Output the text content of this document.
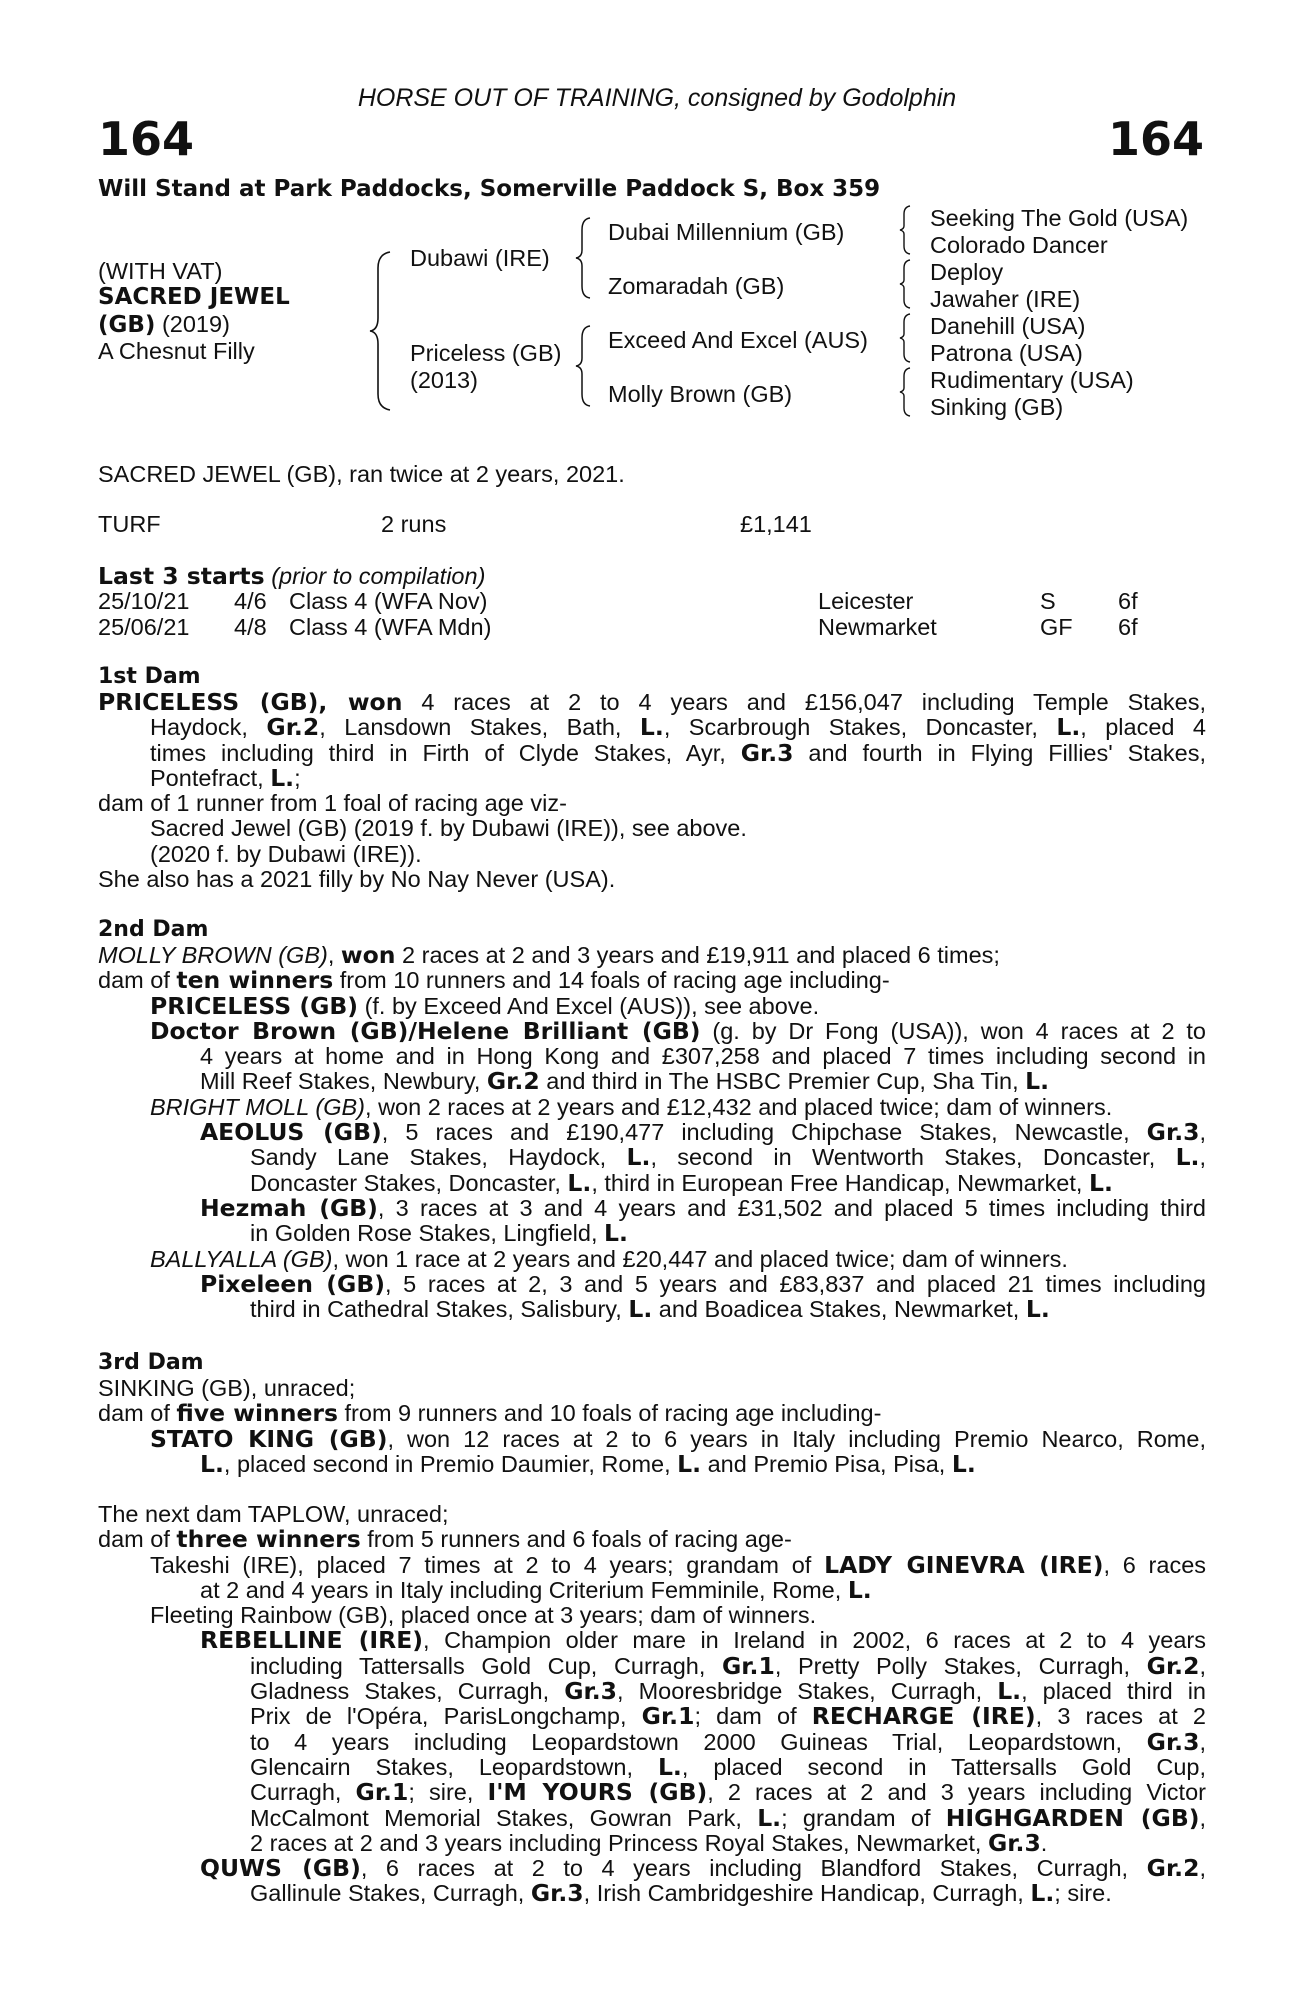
HORSE OUT OF TRAINING, consigned by Godolphin
164	164
Will Stand at Park Paddocks, Somerville Paddock S, Box 359
(WITH VAT)
SACRED JEWEL
(GB) (2019)
A Chesnut Filly
Dubawi (IRE)
Priceless (GB)
(2013)
Dubai Millennium (GB)
Zomaradah (GB)
Exceed And Excel (AUS)
Molly Brown (GB)
Seeking The Gold (USA)
Colorado Dancer
Deploy
Jawaher (IRE)
Danehill (USA)
Patrona (USA)
Rudimentary (USA)
Sinking (GB)
SACRED JEWEL (GB), ran twice at 2 years, 2021.
TURF	2 runs	£1,141
Last 3 starts (prior to compilation)
25/10/21 4/6 Class 4 (WFA Nov)	Leicester	S	6f
25/06/21 4/8 Class 4 (WFA Mdn)	Newmarket	GF 6f
1st Dam
PRICELESS (GB), won 4 races at 2 to 4 years and £156,047 including Temple Stakes,
Haydock, Gr.2, Lansdown Stakes, Bath, L., Scarbrough Stakes, Doncaster, L., placed 4
times including third in Firth of Clyde Stakes, Ayr, Gr.3 and fourth in Flying Fillies' Stakes,
Pontefract, L.;
dam of 1 runner from 1 foal of racing age viz-
Sacred Jewel (GB) (2019 f. by Dubawi (IRE)), see above.
(2020 f. by Dubawi (IRE)).
She also has a 2021 filly by No Nay Never (USA).
2nd Dam
MOLLY BROWN (GB), won 2 races at 2 and 3 years and £19,911 and placed 6 times;
dam of ten winners from 10 runners and 14 foals of racing age including-
PRICELESS (GB) (f. by Exceed And Excel (AUS)), see above.
Doctor Brown (GB)/Helene Brilliant (GB) (g. by Dr Fong (USA)), won 4 races at 2 to
4 years at home and in Hong Kong and £307,258 and placed 7 times including second in
Mill Reef Stakes, Newbury, Gr.2 and third in The HSBC Premier Cup, Sha Tin, L.
BRIGHT MOLL (GB), won 2 races at 2 years and £12,432 and placed twice; dam of winners.
AEOLUS (GB), 5 races and £190,477 including Chipchase Stakes, Newcastle, Gr.3,
Sandy Lane Stakes, Haydock, L., second in Wentworth Stakes, Doncaster, L.,
Doncaster Stakes, Doncaster, L., third in European Free Handicap, Newmarket, L.
Hezmah (GB), 3 races at 3 and 4 years and £31,502 and placed 5 times including third
in Golden Rose Stakes, Lingfield, L.
BALLYALLA (GB), won 1 race at 2 years and £20,447 and placed twice; dam of winners.
Pixeleen (GB), 5 races at 2, 3 and 5 years and £83,837 and placed 21 times including
third in Cathedral Stakes, Salisbury, L. and Boadicea Stakes, Newmarket, L.
3rd Dam
SINKING (GB), unraced;
dam of five winners from 9 runners and 10 foals of racing age including-
STATO KING (GB), won 12 races at 2 to 6 years in Italy including Premio Nearco, Rome,
L., placed second in Premio Daumier, Rome, L. and Premio Pisa, Pisa, L.
The next dam TAPLOW, unraced;
dam of three winners from 5 runners and 6 foals of racing age-
Takeshi (IRE), placed 7 times at 2 to 4 years; grandam of LADY GINEVRA (IRE), 6 races
at 2 and 4 years in Italy including Criterium Femminile, Rome, L.
Fleeting Rainbow (GB), placed once at 3 years; dam of winners.
REBELLINE (IRE), Champion older mare in Ireland in 2002, 6 races at 2 to 4 years
including Tattersalls Gold Cup, Curragh, Gr.1, Pretty Polly Stakes, Curragh, Gr.2,
Gladness Stakes, Curragh, Gr.3, Mooresbridge Stakes, Curragh, L., placed third in
Prix de l'Opéra, ParisLongchamp, Gr.1; dam of RECHARGE (IRE), 3 races at 2
to 4 years including Leopardstown 2000 Guineas Trial, Leopardstown, Gr.3,
Glencairn Stakes, Leopardstown, L., placed second in Tattersalls Gold Cup,
Curragh, Gr.1; sire, I'M YOURS (GB), 2 races at 2 and 3 years including Victor
McCalmont Memorial Stakes, Gowran Park, L.; grandam of HIGHGARDEN (GB),
2 races at 2 and 3 years including Princess Royal Stakes, Newmarket, Gr.3.
QUWS (GB), 6 races at 2 to 4 years including Blandford Stakes, Curragh, Gr.2,
Gallinule Stakes, Curragh, Gr.3, Irish Cambridgeshire Handicap, Curragh, L.; sire.
